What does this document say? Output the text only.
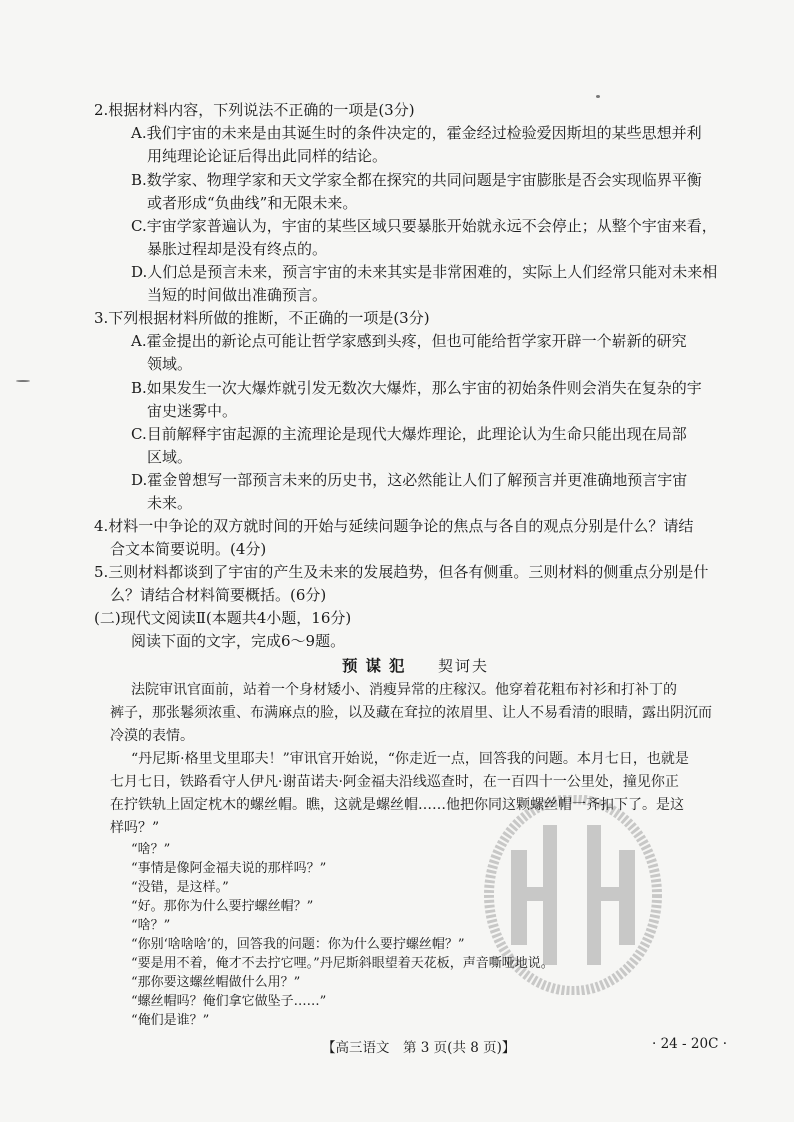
2.根据材料内容，下列说法不正确的一项是(3分)
A.我们宇宙的未来是由其诞生时的条件决定的，霍金经过检验爱因斯坦的某些思想并利
用纯理论论证后得出此同样的结论。
B.数学家、物理学家和天文学家全都在探究的共同问题是宇宙膨胀是否会实现临界平衡
或者形成“负曲线”和无限未来。
C.宇宙学家普遍认为，宇宙的某些区域只要暴胀开始就永远不会停止；从整个宇宙来看，
暴胀过程却是没有终点的。
D.人们总是预言未来，预言宇宙的未来其实是非常困难的，实际上人们经常只能对未来相
当短的时间做出准确预言。
3.下列根据材料所做的推断，不正确的一项是(3分)
A.霍金提出的新论点可能让哲学家感到头疼，但也可能给哲学家开辟一个崭新的研究
领域。
B.如果发生一次大爆炸就引发无数次大爆炸，那么宇宙的初始条件则会消失在复杂的宇
宙史迷雾中。
C.目前解释宇宙起源的主流理论是现代大爆炸理论，此理论认为生命只能出现在局部
区域。
D.霍金曾想写一部预言未来的历史书，这必然能让人们了解预言并更准确地预言宇宙
未来。
4.材料一中争论的双方就时间的开始与延续问题争论的焦点与各自的观点分别是什么？请结
合文本简要说明。(4分)
5.三则材料都谈到了宇宙的产生及未来的发展趋势，但各有侧重。三则材料的侧重点分别是什
么？请结合材料简要概括。(6分)
(二)现代文阅读Ⅱ(本题共4小题，16分)
阅读下面的文字，完成6～9题。
预谋犯 契诃夫
法院审讯官面前，站着一个身材矮小、消瘦异常的庄稼汉。他穿着花粗布衬衫和打补丁的
裤子，那张鬈须浓重、布满麻点的脸，以及藏在耷拉的浓眉里、让人不易看清的眼睛，露出阴沉而
冷漠的表情。
“丹尼斯·格里戈里耶夫！”审讯官开始说，“你走近一点，回答我的问题。本月七日，也就是
七月七日，铁路看守人伊凡·谢苗诺夫·阿金福夫沿线巡查时，在一百四十一公里处，撞见你正
在拧铁轨上固定枕木的螺丝帽。瞧，这就是螺丝帽……他把你同这颗螺丝帽一齐扣下了。是这
样吗？”
“啥？”
“事情是像阿金福夫说的那样吗？”
“没错，是这样。”
“好。那你为什么要拧螺丝帽？”
“啥？”
“你别‘啥啥啥’的，回答我的问题：你为什么要拧螺丝帽？”
“要是用不着，俺才不去拧它哩。”丹尼斯斜眼望着天花板，声音嘶哑地说。
“那你要这螺丝帽做什么用？”
“螺丝帽吗？俺们拿它做坠子……”
“俺们是谁？”
【高三语文　第 3 页(共 8 页)】	· 24 - 20C ·
